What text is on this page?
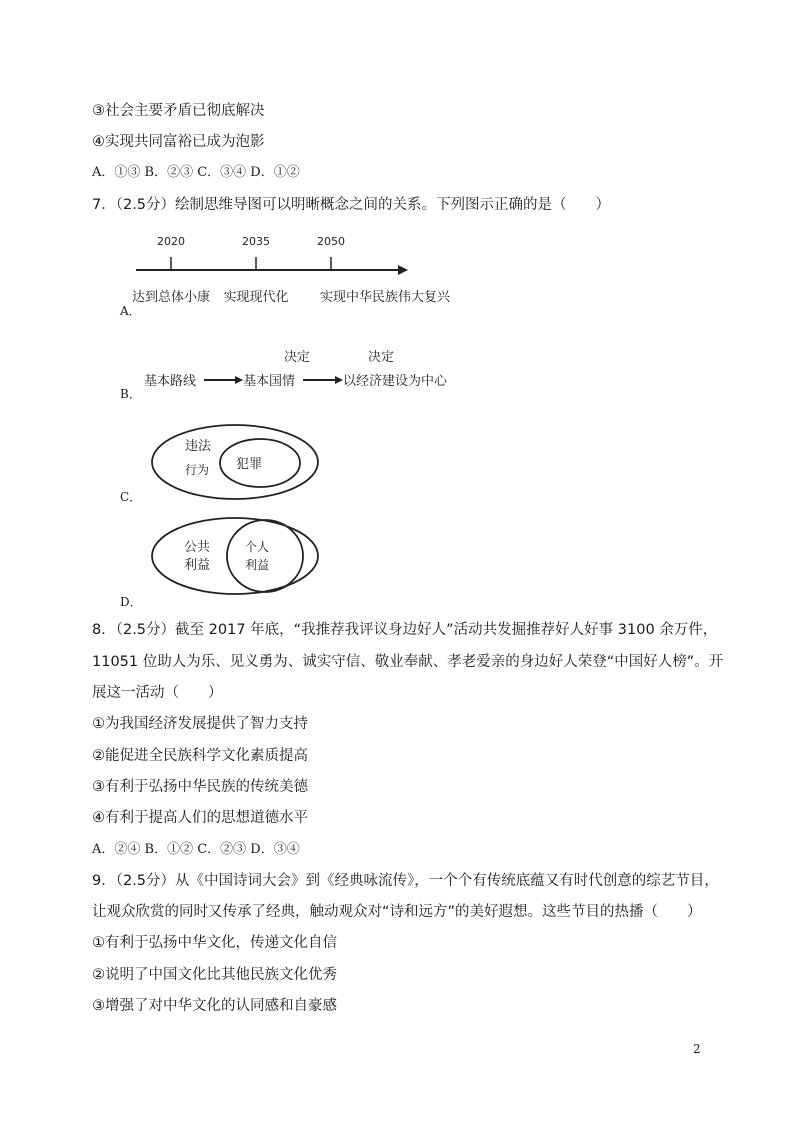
③社会主要矛盾已彻底解决
④实现共同富裕已成为泡影
A．①③ B．②③ C．③④ D．①②
7．（2.5分）绘制思维导图可以明晰概念之间的关系。下列图示正确的是（　　）
2020	2035	2050
达到总体小康 实现现代化 实现中华民族伟大复兴
A．
决定
决定
基本路线	基本国情	以经济建设为中心
B．
违法
行为 犯罪
C．
公共
利益
个人
利益
D．
8．（2.5分）截至 2017 年底，“我推荐我评议身边好人”活动共发掘推荐好人好事 3100 余万件，
11051 位助人为乐、见义勇为、诚实守信、敬业奉献、孝老爱亲的身边好人荣登“中国好人榜”。开
展这一活动（　　）
①为我国经济发展提供了智力支持
②能促进全民族科学文化素质提高
③有利于弘扬中华民族的传统美德
④有利于提高人们的思想道德水平
A．②④ B．①② C．②③ D．③④
9．（2.5分）从《中国诗词大会》到《经典咏流传》，一个个有传统底蕴又有时代创意的综艺节目，
让观众欣赏的同时又传承了经典，触动观众对“诗和远方”的美好遐想。这些节目的热播（　　）
①有利于弘扬中华文化，传递文化自信
②说明了中国文化比其他民族文化优秀
③增强了对中华文化的认同感和自豪感
2
